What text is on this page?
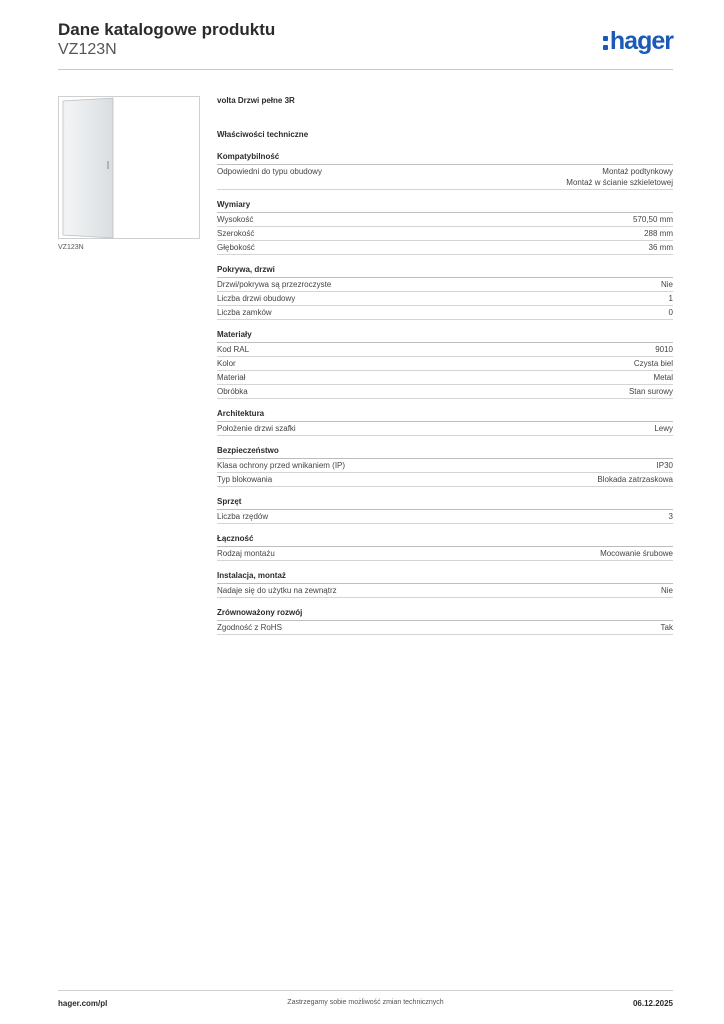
Dane katalogowe produktu
VZ123N	hager
VZ123N
volta Drzwi pełne 3R
Właściwości techniczne
Kompatybilność
Odpowiedni do typu obudowy	Montaż podtynkowy
Montaż w ścianie szkieletowej
Wymiary
Wysokość	570,50 mm
Szerokość	288 mm
Głębokość	36 mm
Pokrywa, drzwi
Drzwi/pokrywa są przezroczyste	Nie
Liczba drzwi obudowy	1
Liczba zamków	0
Materiały
Kod RAL	9010
Kolor	Czysta biel
Materiał	Metal
Obróbka	Stan surowy
Architektura
Położenie drzwi szafki	Lewy
Bezpieczeństwo
Klasa ochrony przed wnikaniem (IP)	IP30
Typ blokowania	Blokada zatrzaskowa
Sprzęt
Liczba rzędów	3
Łączność
Rodzaj montażu	Mocowanie śrubowe
Instalacja, montaż
Nadaje się do użytku na zewnątrz	Nie
Zrównoważony rozwój
Zgodność z RoHS	Tak
hager.com/pl	Zastrzegamy sobie możliwość zmian technicznych	06.12.2025
